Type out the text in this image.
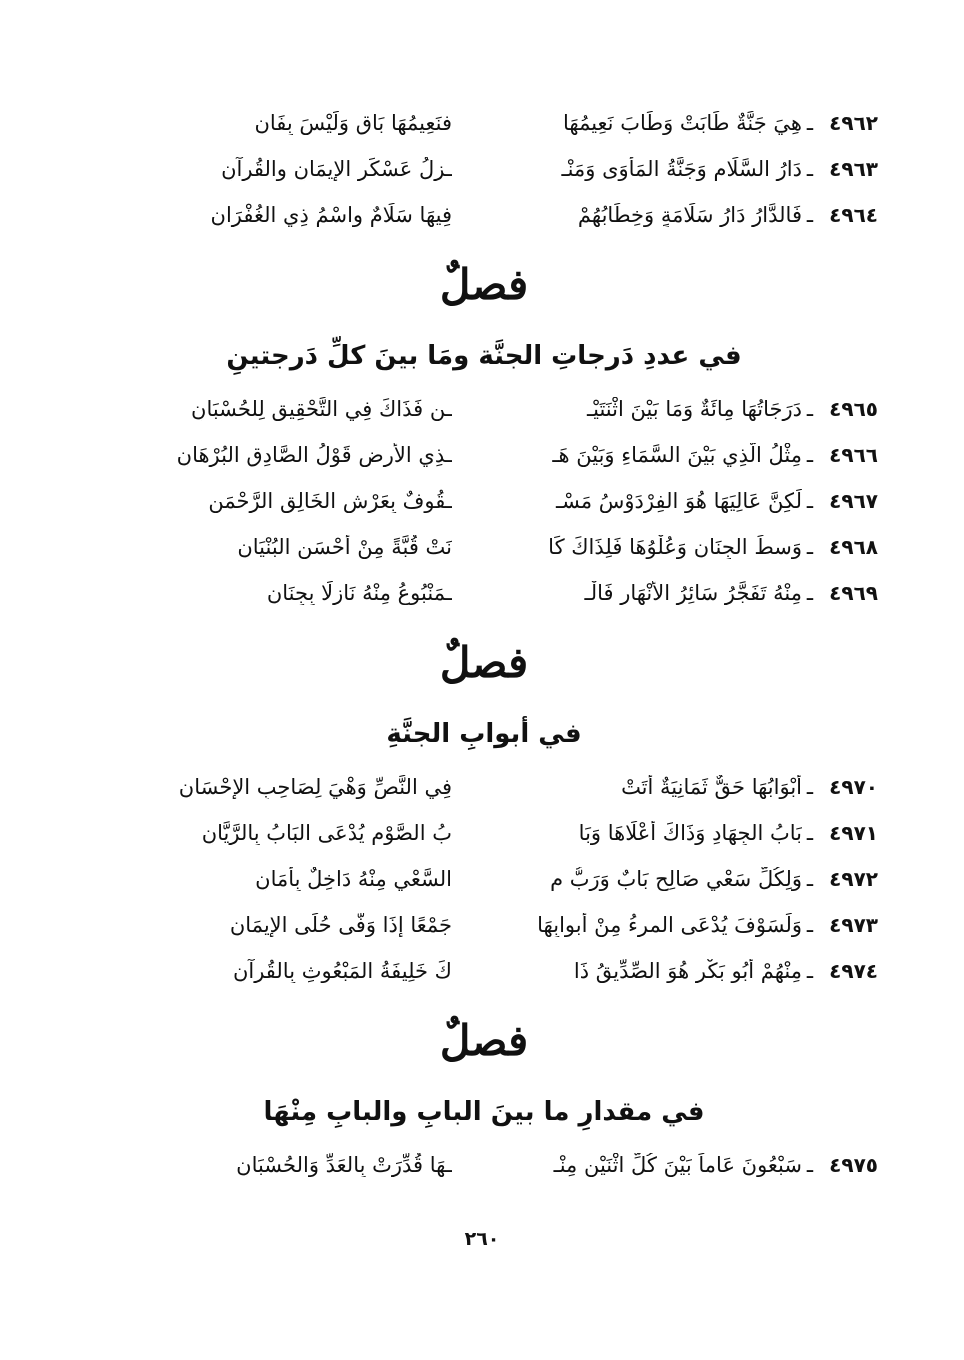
٤٩٦٢
ـ
هِيَ جَنَّةٌ طَابَتْ وَطَابَ نَعِيمُهَا
فنَعِيمُهَا بَاقٍ وَلَيْسَ بِفَانِ
٤٩٦٣
ـ
دَارُ السَّلَامِ وَجَنَّةُ المَأْوَى وَمَنْـ
ـزِلُ عَسْكَرِ الإِيمَانِ والقُرآنِ
٤٩٦٤
ـ
فَالدَّارُ دَارُ سَلَامَةٍ وَخِطَابُهُمْ
فِيهَا سَلَامٌ واسْمُ ذِي الغُفْرَانِ
فصلٌ
في عددِ دَرجاتِ الجنَّة ومَا بينَ كلِّ دَرجتينِ
٤٩٦٥
ـ
دَرَجَاتُهَا مِائَةٌ وَمَا بَيْنَ اثْنَتَيْـ
ـنِ فَذَاكَ فِي التَّحْقِيقِ لِلحُسْبَانِ
٤٩٦٦
ـ
مِثْلُ الَّذِي بَيْنَ السَّمَاءِ وَبَيْنَ هَـ
ـذِي الأرضِ قَوْلُ الصَّادِقِ البُرْهَانِ
٤٩٦٧
ـ
لَكِنَّ عَالِيَهَا هُوَ الفِرْدَوْسُ مَسْـ
ـقُوفٌ بِعَرْشِ الخَالِقِ الرَّحْمَنِ
٤٩٦٨
ـ
وَسطَ الجِنَانِ وَعُلْوُهَا فَلِذَاكَ كَا
نَتْ قُبَّةً مِنْ أَحْسَنِ البُنْيَانِ
٤٩٦٩
ـ
مِنْهُ تَفَجَّرُ سَائِرُ الأَنْهَارِ فَالْـ
ـمَنْبُوعُ مِنْهُ نَازِلًا بِجِنَانِ
فصلٌ
في أبوابِ الجنَّةِ
٤٩٧٠
ـ
أَبْوَابُهَا حَقٌّ ثَمَانِيَةٌ أَتَتْ
فِي النَّصِّ وَهْيَ لِصَاحِبِ الإِحْسَانِ
٤٩٧١
ـ
بَابُ الجِهَادِ وَذَاكَ أَعْلَاهَا وَبَا
بُ الصَّوْمِ يُدْعَى البَابُ بِالرَّيَّانِ
٤٩٧٢
ـ
وَلِكُلِّ سَعْيٍ صَالِحٍ بَابٌ وَرَبُّ م
السَّعْيِ مِنْهُ دَاخِلٌ بِأَمَانِ
٤٩٧٣
ـ
وَلَسَوْفَ يُدْعَى المرءُ مِنْ أبوابِهَا
جَمْعًا إِذَا وَفَّى حُلَى الإِيمَانِ
٤٩٧٤
ـ
مِنْهُمْ أَبُو بَكْرٍ هُوَ الصِّدِّيقُ ذَا
كَ خَلِيفَةُ المَبْعُوثِ بِالقُرآنِ
فصلٌ
في مقدارِ ما بينَ البابِ والبابِ مِنْهَا
٤٩٧٥
ـ
سَبْعُونَ عَاماً بَيْنَ كُلِّ اثْنَيْنِ مِنْـ
ـهَا قُدِّرَتْ بِالعَدِّ وَالحُسْبَانِ
٢٦٠
